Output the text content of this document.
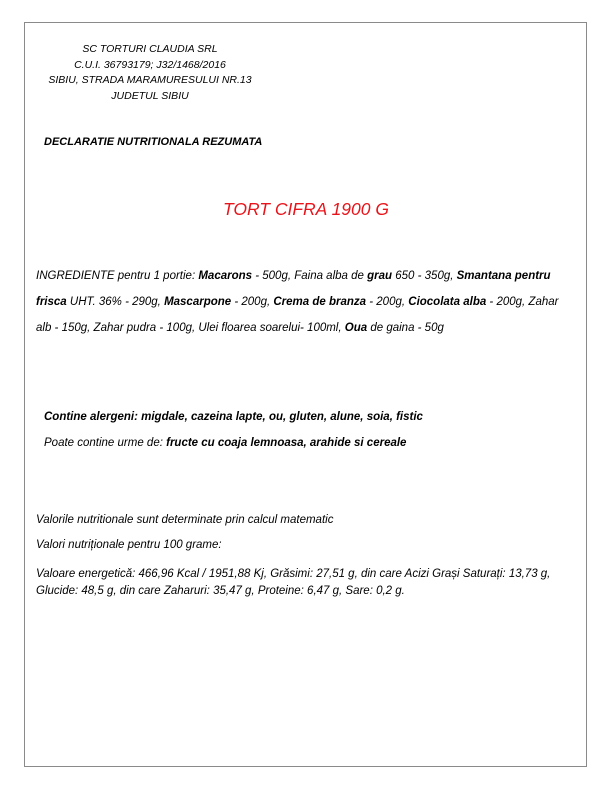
SC TORTURI CLAUDIA SRL
C.U.I. 36793179; J32/1468/2016
SIBIU, STRADA MARAMURESULUI NR.13
JUDETUL SIBIU
DECLARATIE NUTRITIONALA REZUMATA
TORT CIFRA 1900 G

INGREDIENTE pentru 1 portie: Macarons - 500g, Faina alba de grau 650 - 350g, Smantana pentru

frisca UHT. 36% - 290g, Mascarpone - 200g, Crema de branza - 200g, Ciocolata alba - 200g, Zahar

alb - 150g, Zahar pudra - 100g, Ulei floarea soarelui- 100ml, Oua de gaina - 50g

Contine alergeni: migdale, cazeina lapte, ou, gluten, alune, soia, fistic
Poate contine urme de: fructe cu coaja lemnoasa, arahide si cereale
Valorile nutritionale sunt determinate prin calcul matematic
Valori nutriționale pentru 100 grame:

Valoare energetică: 466,96 Kcal / 1951,88 Kj, Grăsimi: 27,51 g, din care Acizi Grași Saturați: 13,73 g,

Glucide: 48,5 g, din care Zaharuri: 35,47 g, Proteine: 6,47 g, Sare: 0,2 g.
